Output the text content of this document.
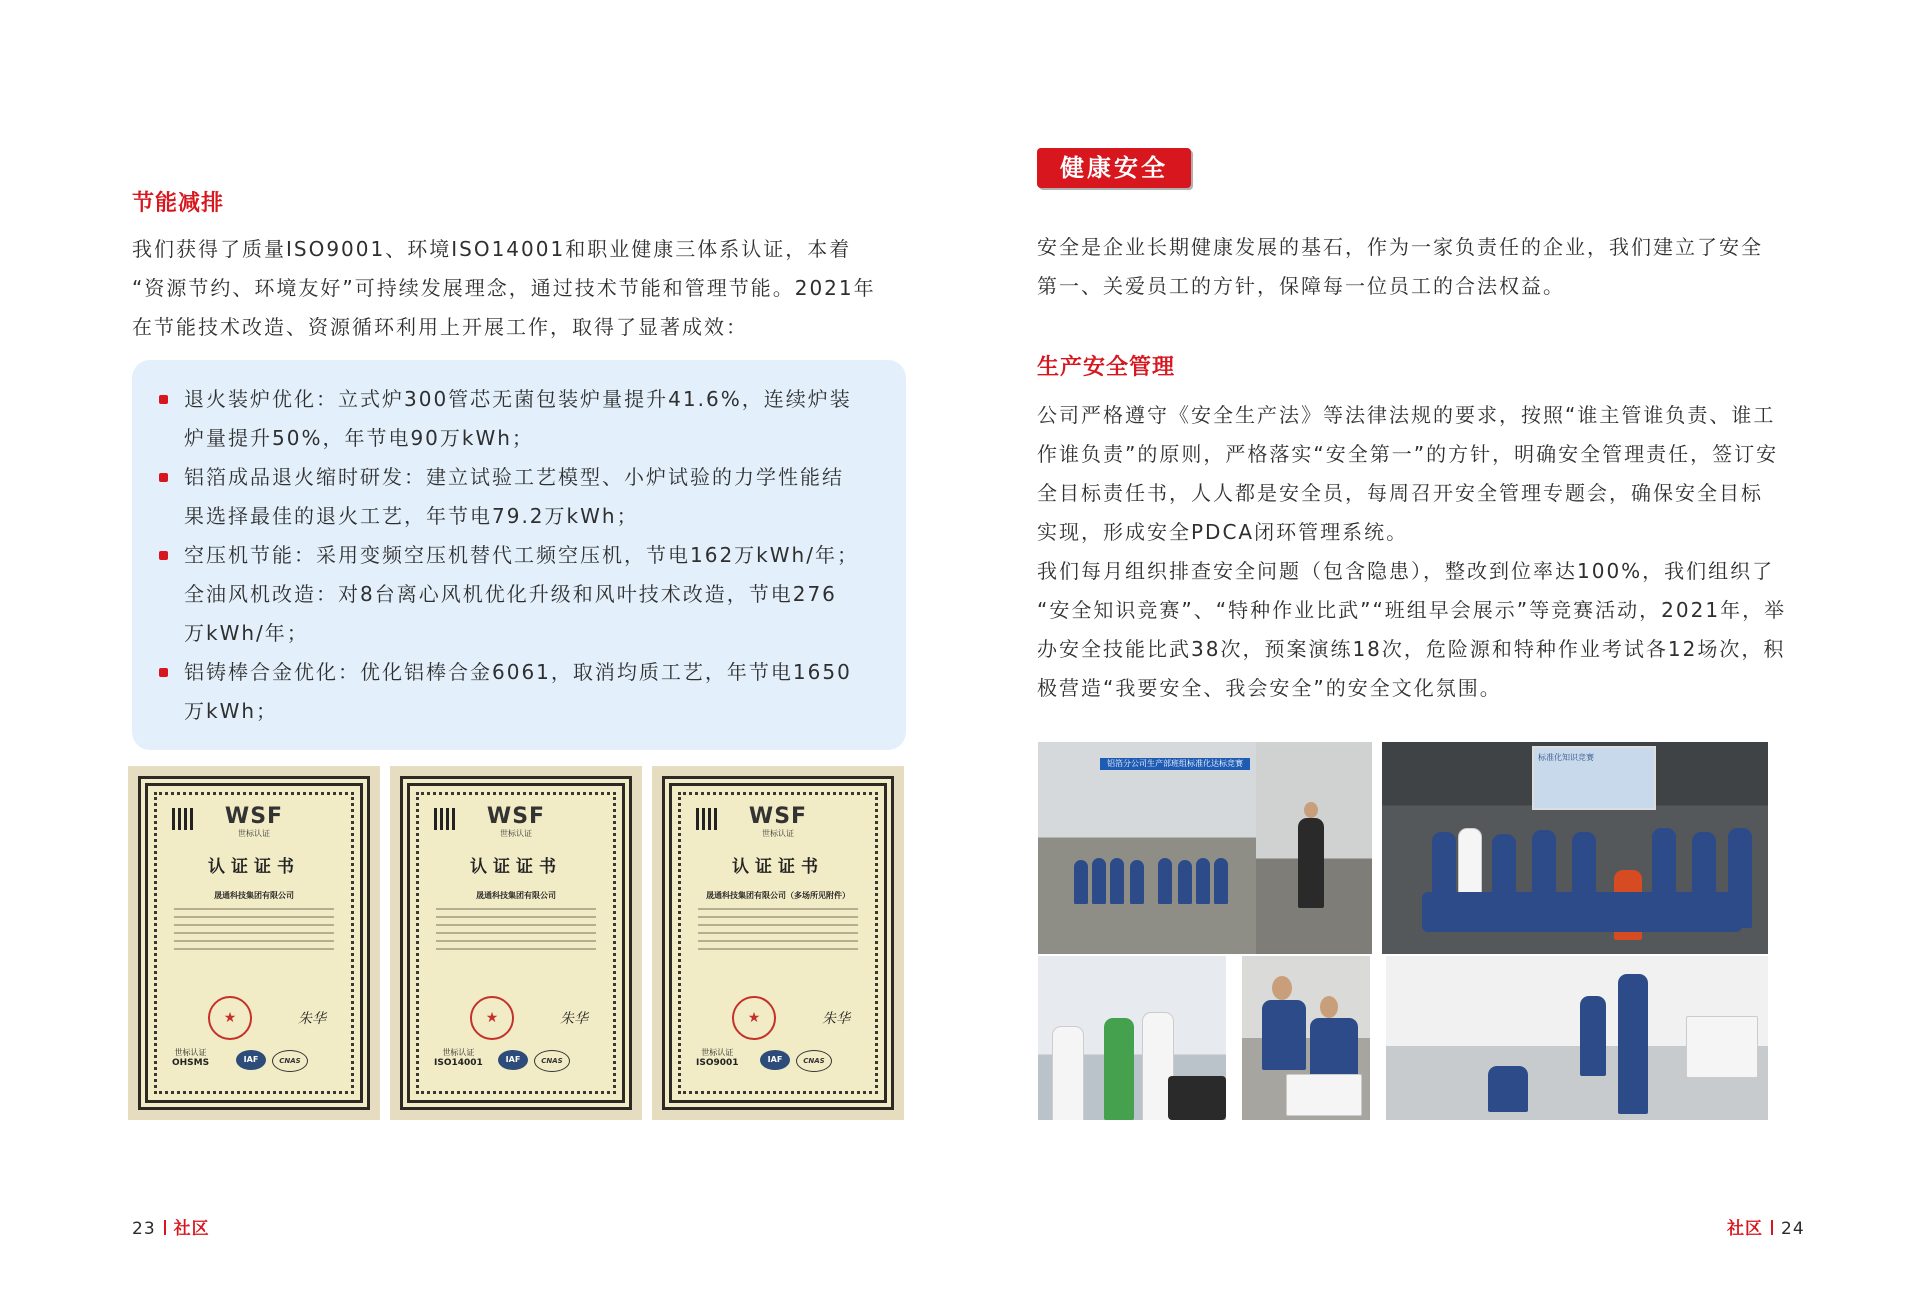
节能减排

我们获得了质量ISO9001、环境ISO14001和职业健康三体系认证，本着

“资源节约、环境友好”可持续发展理念，通过技术节能和管理节能。2021年

在节能技术改造、资源循环利用上开展工作，取得了显著成效：

退火装炉优化：立式炉300管芯无菌包装炉量提升41.6%，连续炉装
炉量提升50%，年节电90万kWh；
铝箔成品退火缩时研发：建立试验工艺模型、小炉试验的力学性能结
果选择最佳的退火工艺，年节电79.2万kWh；
空压机节能：采用变频空压机替代工频空压机，节电162万kWh/年；
全油风机改造：对8台离心风机优化升级和风叶技术改造，节电276
万kWh/年；
铝铸棒合金优化：优化铝棒合金6061，取消均质工艺，年节电1650
万kWh；
WSF
世标认证
认证证书
晟通科技集团有限公司
★	朱华
世标认证
OHSMS	IAF	CNAS
WSF
世标认证
认证证书
晟通科技集团有限公司
★	朱华
世标认证
ISO14001	IAF	CNAS
WSF
世标认证
认证证书
晟通科技集团有限公司（多场所见附件）
★	朱华
世标认证
ISO9001	IAF	CNAS
23 社区
健康安全

安全是企业长期健康发展的基石，作为一家负责任的企业，我们建立了安全

第一、关爱员工的方针，保障每一位员工的合法权益。

生产安全管理

公司严格遵守《安全生产法》等法律法规的要求，按照“谁主管谁负责、谁工

作谁负责”的原则，严格落实“安全第一”的方针，明确安全管理责任，签订安

全目标责任书，人人都是安全员，每周召开安全管理专题会，确保安全目标

实现，形成安全PDCA闭环管理系统。

我们每月组织排查安全问题（包含隐患），整改到位率达100%，我们组织了

“安全知识竞赛”、“特种作业比武”“班组早会展示”等竞赛活动，2021年，举

办安全技能比武38次，预案演练18次，危险源和特种作业考试各12场次，积

极营造“我要安全、我会安全”的安全文化氛围。

铝箔分公司生产部班组标准化达标竞赛
标准化知识竞赛
社区 24
